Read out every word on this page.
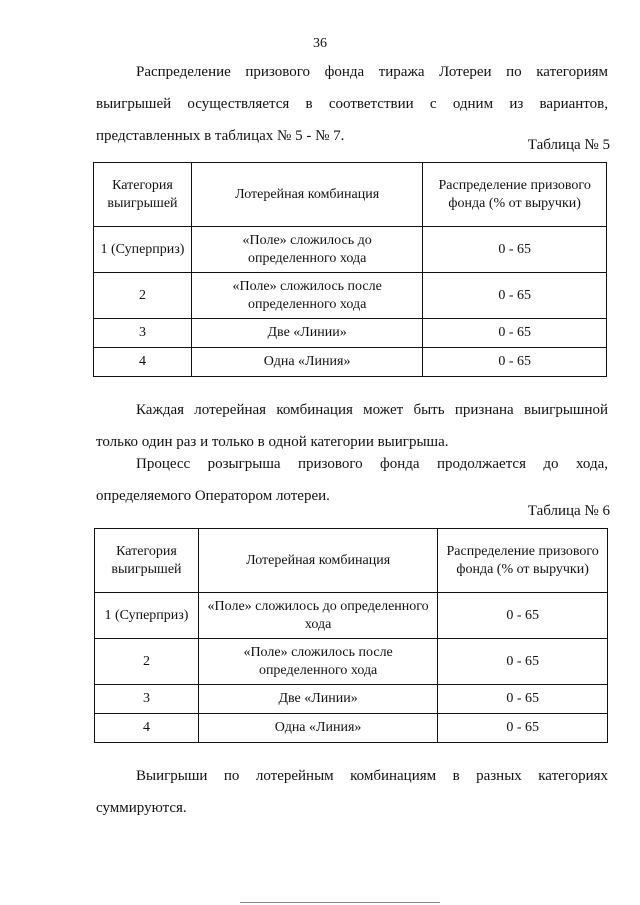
36
Распределение призового фонда тиража Лотереи по категориям
выигрышей осуществляется в соответствии с одним из вариантов,
представленных в таблицах № 5 - № 7.
Таблица № 5
Категория выигрышей	Лотерейная комбинация	Распределение призового фонда (% от выручки)
1 (Суперприз)	«Поле» сложилось до определенного хода	0 - 65
2	«Поле» сложилось после определенного хода	0 - 65
3	Две «Линии»	0 - 65
4	Одна «Линия»	0 - 65
Каждая лотерейная комбинация может быть признана выигрышной
только один раз и только в одной категории выигрыша.
Процесс розыгрыша призового фонда продолжается до хода,
определяемого Оператором лотереи.
Таблица № 6
Категория выигрышей	Лотерейная комбинация	Распределение призового фонда (% от выручки)
1 (Суперприз)	«Поле» сложилось до определенного хода	0 - 65
2	«Поле» сложилось после определенного хода	0 - 65
3	Две «Линии»	0 - 65
4	Одна «Линия»	0 - 65
Выигрыши по лотерейным комбинациям в разных категориях
суммируются.
